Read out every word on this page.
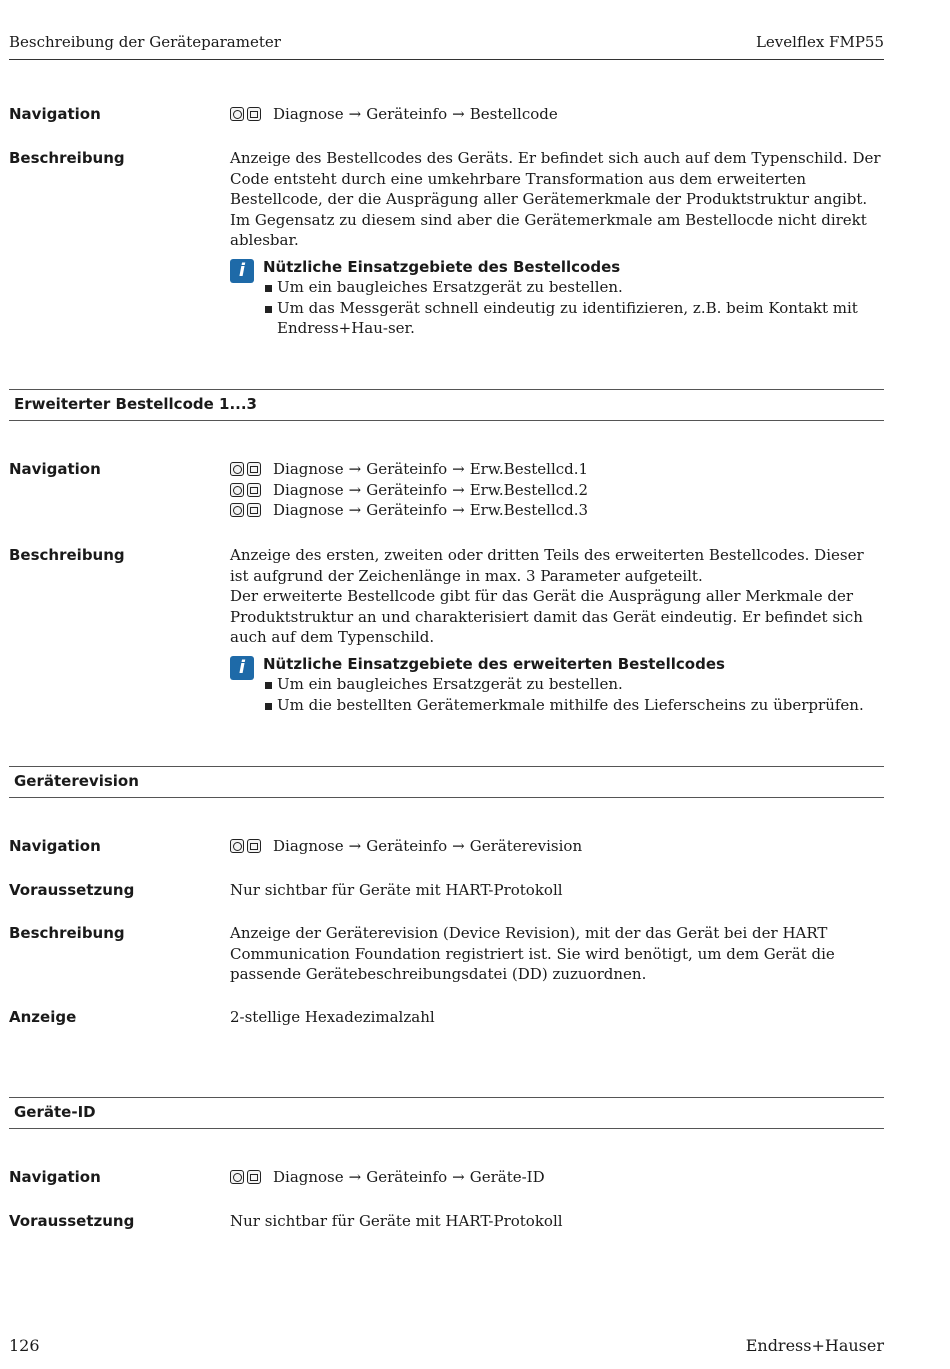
Beschreibung der Geräteparameter	Levelflex FMP55
Navigation	Diagnose → Geräteinfo → Bestellcode
Beschreibung	Anzeige des Bestellcodes des Geräts. Er befindet sich auch auf dem Typenschild. Der Code entsteht durch eine umkehrbare Transformation aus dem erweiterten Bestellcode, der die Ausprägung aller Gerätemerkmale der Produktstruktur angibt. Im Gegensatz zu diesem sind aber die Gerätemerkmale am Bestellocde nicht direkt ablesbar.
i	Nützliche Einsatzgebiete des Bestellcodes
Um ein baugleiches Ersatzgerät zu bestellen.
Um das Messgerät schnell eindeutig zu identifizieren, z.B. beim Kontakt mit Endress+Hau-ser.
Erweiterter Bestellcode 1...3
Navigation	Diagnose → Geräteinfo → Erw.Bestellcd.1
Diagnose → Geräteinfo → Erw.Bestellcd.2
Diagnose → Geräteinfo → Erw.Bestellcd.3
Beschreibung	Anzeige des ersten, zweiten oder dritten Teils des erweiterten Bestellcodes. Dieser ist aufgrund der Zeichenlänge in max. 3 Parameter aufgeteilt.
Der erweiterte Bestellcode gibt für das Gerät die Ausprägung aller Merkmale der Produktstruktur an und charakterisiert damit das Gerät eindeutig. Er befindet sich auch auf dem Typenschild.
i	Nützliche Einsatzgebiete des erweiterten Bestellcodes
Um ein baugleiches Ersatzgerät zu bestellen.
Um die bestellten Gerätemerkmale mithilfe des Lieferscheins zu überprüfen.
Geräterevision
Navigation	Diagnose → Geräteinfo → Geräterevision
Voraussetzung	Nur sichtbar für Geräte mit HART-Protokoll
Beschreibung	Anzeige der Geräterevision (Device Revision), mit der das Gerät bei der HART Communication Foundation registriert ist. Sie wird benötigt, um dem Gerät die passende Gerätebeschreibungsdatei (DD) zuzuordnen.
Anzeige	2-stellige Hexadezimalzahl
Geräte-ID
Navigation	Diagnose → Geräteinfo → Geräte-ID
Voraussetzung	Nur sichtbar für Geräte mit HART-Protokoll
126	Endress+Hauser
